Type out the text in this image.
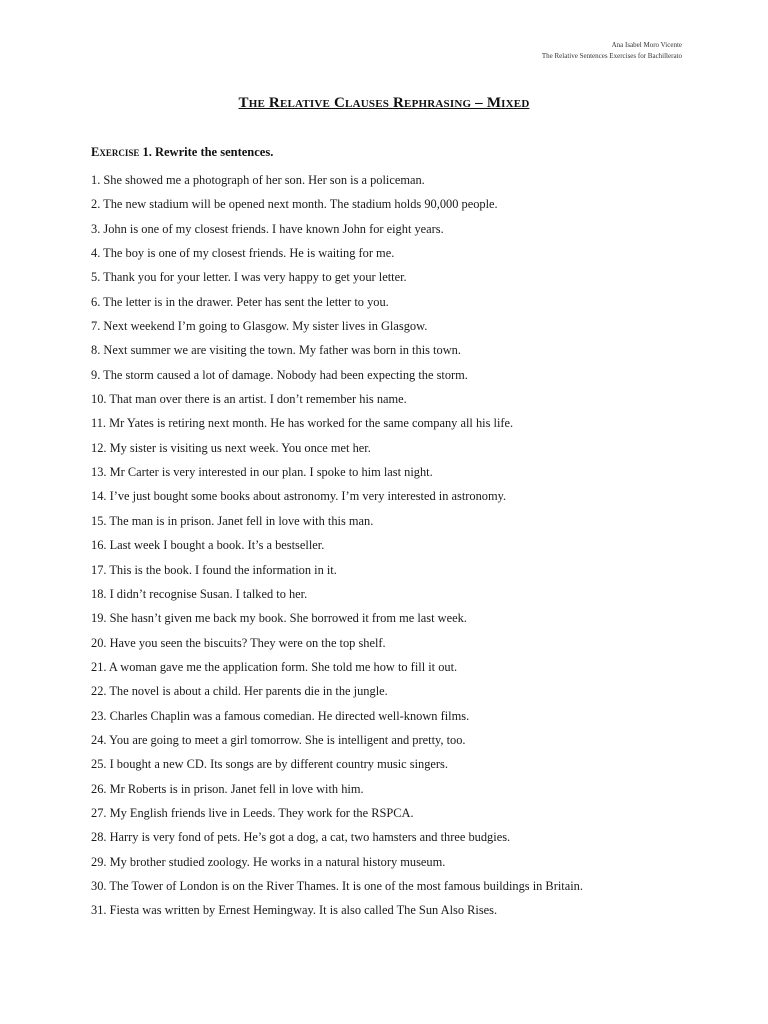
Ana Isabel Moro Vicente
The Relative Sentences Exercises for Bachillerato
The Relative Clauses Rephrasing – Mixed
Exercise 1. Rewrite the sentences.
1. She showed me a photograph of her son. Her son is a policeman.
2. The new stadium will be opened next month. The stadium holds 90,000 people.
3. John is one of my closest friends. I have known John for eight years.
4. The boy is one of my closest friends. He is waiting for me.
5. Thank you for your letter. I was very happy to get your letter.
6. The letter is in the drawer. Peter has sent the letter to you.
7. Next weekend I’m going to Glasgow. My sister lives in Glasgow.
8. Next summer we are visiting the town. My father was born in this town.
9. The storm caused a lot of damage. Nobody had been expecting the storm.
10. That man over there is an artist. I don’t remember his name.
11. Mr Yates is retiring next month. He has worked for the same company all his life.
12. My sister is visiting us next week. You once met her.
13. Mr Carter is very interested in our plan. I spoke to him last night.
14. I’ve just bought some books about astronomy. I’m very interested in astronomy.
15. The man is in prison. Janet fell in love with this man.
16. Last week I bought a book. It’s a bestseller.
17. This is the book. I found the information in it.
18. I didn’t recognise Susan. I talked to her.
19. She hasn’t given me back my book. She borrowed it from me last week.
20. Have you seen the biscuits? They were on the top shelf.
21. A woman gave me the application form. She told me how to fill it out.
22. The novel is about a child. Her parents die in the jungle.
23. Charles Chaplin was a famous comedian. He directed well-known films.
24. You are going to meet a girl tomorrow. She is intelligent and pretty, too.
25. I bought a new CD. Its songs are by different country music singers.
26. Mr Roberts is in prison. Janet fell in love with him.
27. My English friends live in Leeds. They work for the RSPCA.
28. Harry is very fond of pets. He’s got a dog, a cat, two hamsters and three budgies.
29. My brother studied zoology. He works in a natural history museum.
30. The Tower of London is on the River Thames. It is one of the most famous buildings in Britain.
31. Fiesta was written by Ernest Hemingway. It is also called The Sun Also Rises.
